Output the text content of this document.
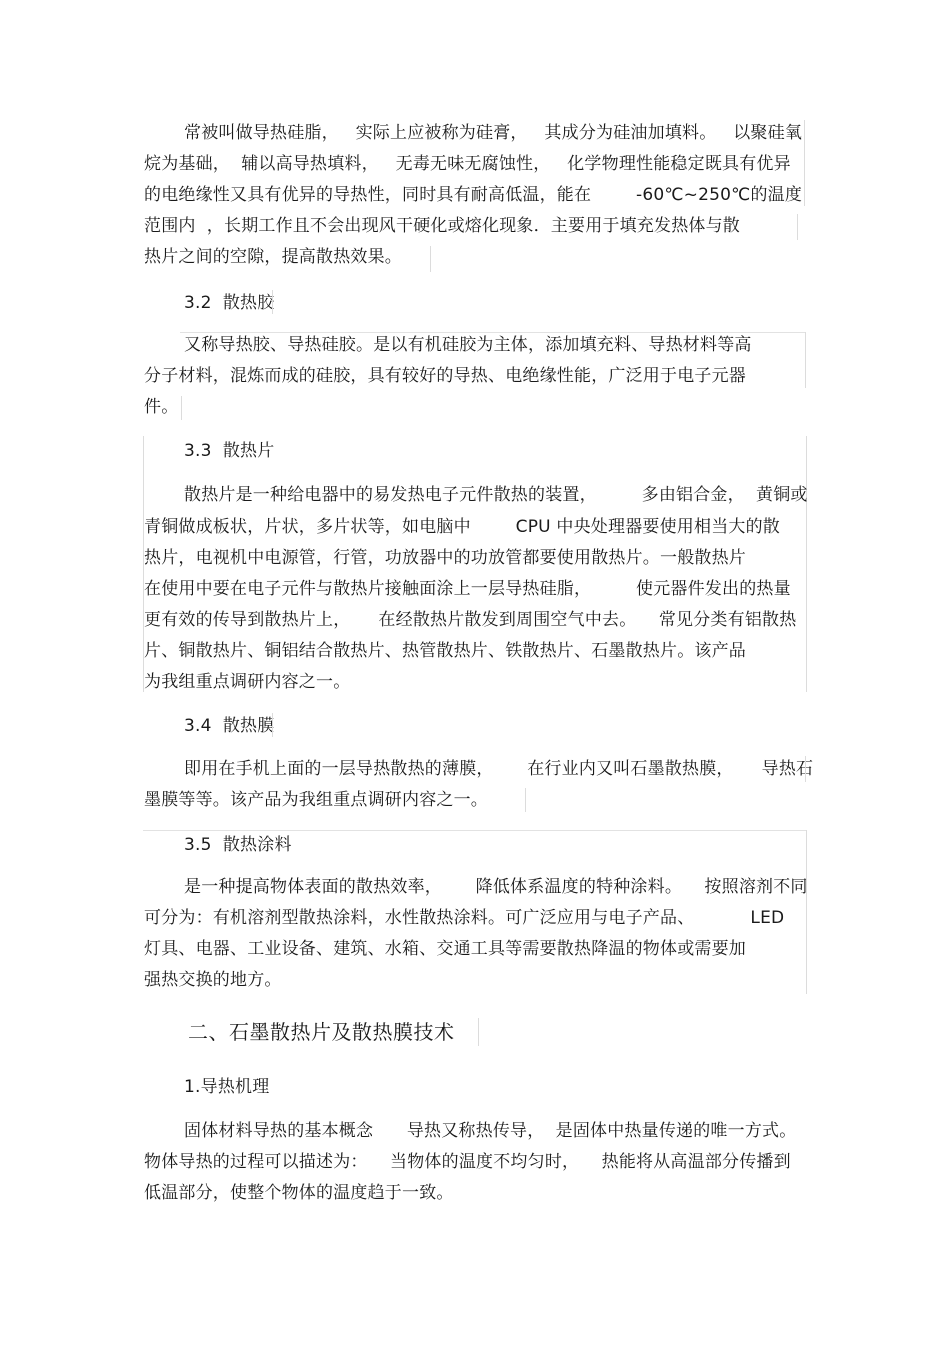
常被叫做导热硅脂，   实际上应被称为硅膏，   其成分为硅油加填料。   以聚硅氧
烷为基础，  辅以高导热填料，   无毒无味无腐蚀性，   化学物理性能稳定既具有优异
的电绝缘性又具有优异的导热性，同时具有耐高低温，能在        -60℃~250℃的温度
范围内  ，长期工作且不会出现风干硬化或熔化现象．主要用于填充发热体与散
热片之间的空隙，提高散热效果。
3.2  散热胶
又称导热胶、导热硅胶。是以有机硅胶为主体，添加填充料、导热材料等高
分子材料，混炼而成的硅胶，具有较好的导热、电绝缘性能，广泛用于电子元器
件。
3.3  散热片
散热片是一种给电器中的易发热电子元件散热的装置，        多由铝合金，  黄铜或
青铜做成板状，片状，多片状等，如电脑中        CPU 中央处理器要使用相当大的散
热片，电视机中电源管，行管，功放器中的功放管都要使用散热片。一般散热片
在使用中要在电子元件与散热片接触面涂上一层导热硅脂，        使元器件发出的热量
更有效的传导到散热片上，     在经散热片散发到周围空气中去。    常见分类有铝散热
片、铜散热片、铜铝结合散热片、热管散热片、铁散热片、石墨散热片。该产品
为我组重点调研内容之一。
3.4  散热膜
即用在手机上面的一层导热散热的薄膜，      在行业内又叫石墨散热膜，     导热石
墨膜等等。该产品为我组重点调研内容之一。
3.5  散热涂料
是一种提高物体表面的散热效率，      降低体系温度的特种涂料。    按照溶剂不同
可分为：有机溶剂型散热涂料，水性散热涂料。可广泛应用与电子产品、          LED
灯具、电器、工业设备、建筑、水箱、交通工具等需要散热降温的物体或需要加
强热交换的地方。
二、石墨散热片及散热膜技术
1.导热机理
固体材料导热的基本概念      导热又称热传导，  是固体中热量传递的唯一方式。
物体导热的过程可以描述为：    当物体的温度不均匀时，    热能将从高温部分传播到
低温部分，使整个物体的温度趋于一致。
